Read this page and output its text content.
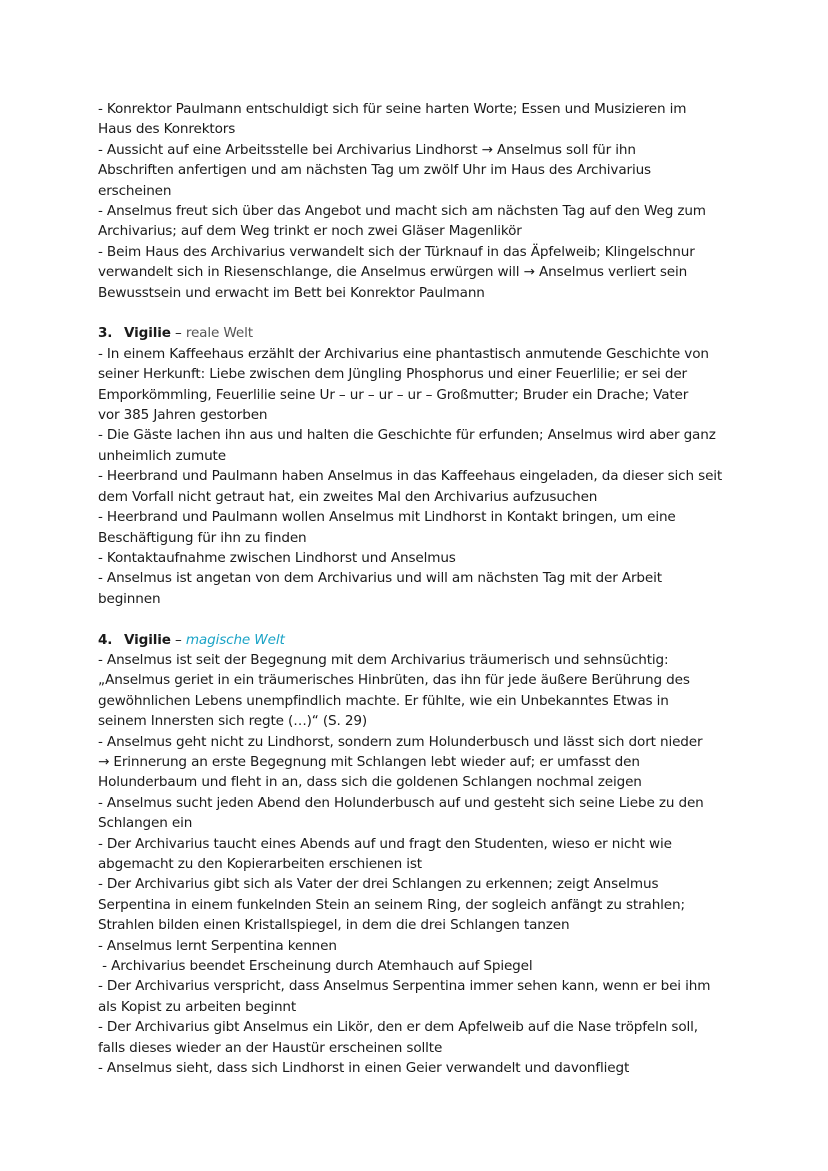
- Konrektor Paulmann entschuldigt sich für seine harten Worte; Essen und Musizieren im
Haus des Konrektors
- Aussicht auf eine Arbeitsstelle bei Archivarius Lindhorst → Anselmus soll für ihn
Abschriften anfertigen und am nächsten Tag um zwölf Uhr im Haus des Archivarius
erscheinen
- Anselmus freut sich über das Angebot und macht sich am nächsten Tag auf den Weg zum
Archivarius; auf dem Weg trinkt er noch zwei Gläser Magenlikör
- Beim Haus des Archivarius verwandelt sich der Türknauf in das Äpfelweib; Klingelschnur
verwandelt sich in Riesenschlange, die Anselmus erwürgen will → Anselmus verliert sein
Bewusstsein und erwacht im Bett bei Konrektor Paulmann
3. Vigilie – reale Welt
- In einem Kaffeehaus erzählt der Archivarius eine phantastisch anmutende Geschichte von
seiner Herkunft: Liebe zwischen dem Jüngling Phosphorus und einer Feuerlilie; er sei der
Emporkömmling, Feuerlilie seine Ur – ur – ur – ur – Großmutter; Bruder ein Drache; Vater
vor 385 Jahren gestorben
- Die Gäste lachen ihn aus und halten die Geschichte für erfunden; Anselmus wird aber ganz
unheimlich zumute
- Heerbrand und Paulmann haben Anselmus in das Kaffeehaus eingeladen, da dieser sich seit
dem Vorfall nicht getraut hat, ein zweites Mal den Archivarius aufzusuchen
- Heerbrand und Paulmann wollen Anselmus mit Lindhorst in Kontakt bringen, um eine
Beschäftigung für ihn zu finden
- Kontaktaufnahme zwischen Lindhorst und Anselmus
- Anselmus ist angetan von dem Archivarius und will am nächsten Tag mit der Arbeit
beginnen
4. Vigilie – magische Welt
- Anselmus ist seit der Begegnung mit dem Archivarius träumerisch und sehnsüchtig:
„Anselmus geriet in ein träumerisches Hinbrüten, das ihn für jede äußere Berührung des
gewöhnlichen Lebens unempfindlich machte. Er fühlte, wie ein Unbekanntes Etwas in
seinem Innersten sich regte (…)“ (S. 29)
- Anselmus geht nicht zu Lindhorst, sondern zum Holunderbusch und lässt sich dort nieder
→ Erinnerung an erste Begegnung mit Schlangen lebt wieder auf; er umfasst den
Holunderbaum und fleht in an, dass sich die goldenen Schlangen nochmal zeigen
- Anselmus sucht jeden Abend den Holunderbusch auf und gesteht sich seine Liebe zu den
Schlangen ein
- Der Archivarius taucht eines Abends auf und fragt den Studenten, wieso er nicht wie
abgemacht zu den Kopierarbeiten erschienen ist
- Der Archivarius gibt sich als Vater der drei Schlangen zu erkennen; zeigt Anselmus
Serpentina in einem funkelnden Stein an seinem Ring, der sogleich anfängt zu strahlen;
Strahlen bilden einen Kristallspiegel, in dem die drei Schlangen tanzen
- Anselmus lernt Serpentina kennen
- Archivarius beendet Erscheinung durch Atemhauch auf Spiegel
- Der Archivarius verspricht, dass Anselmus Serpentina immer sehen kann, wenn er bei ihm
als Kopist zu arbeiten beginnt
- Der Archivarius gibt Anselmus ein Likör, den er dem Apfelweib auf die Nase tröpfeln soll,
falls dieses wieder an der Haustür erscheinen sollte
- Anselmus sieht, dass sich Lindhorst in einen Geier verwandelt und davonfliegt
